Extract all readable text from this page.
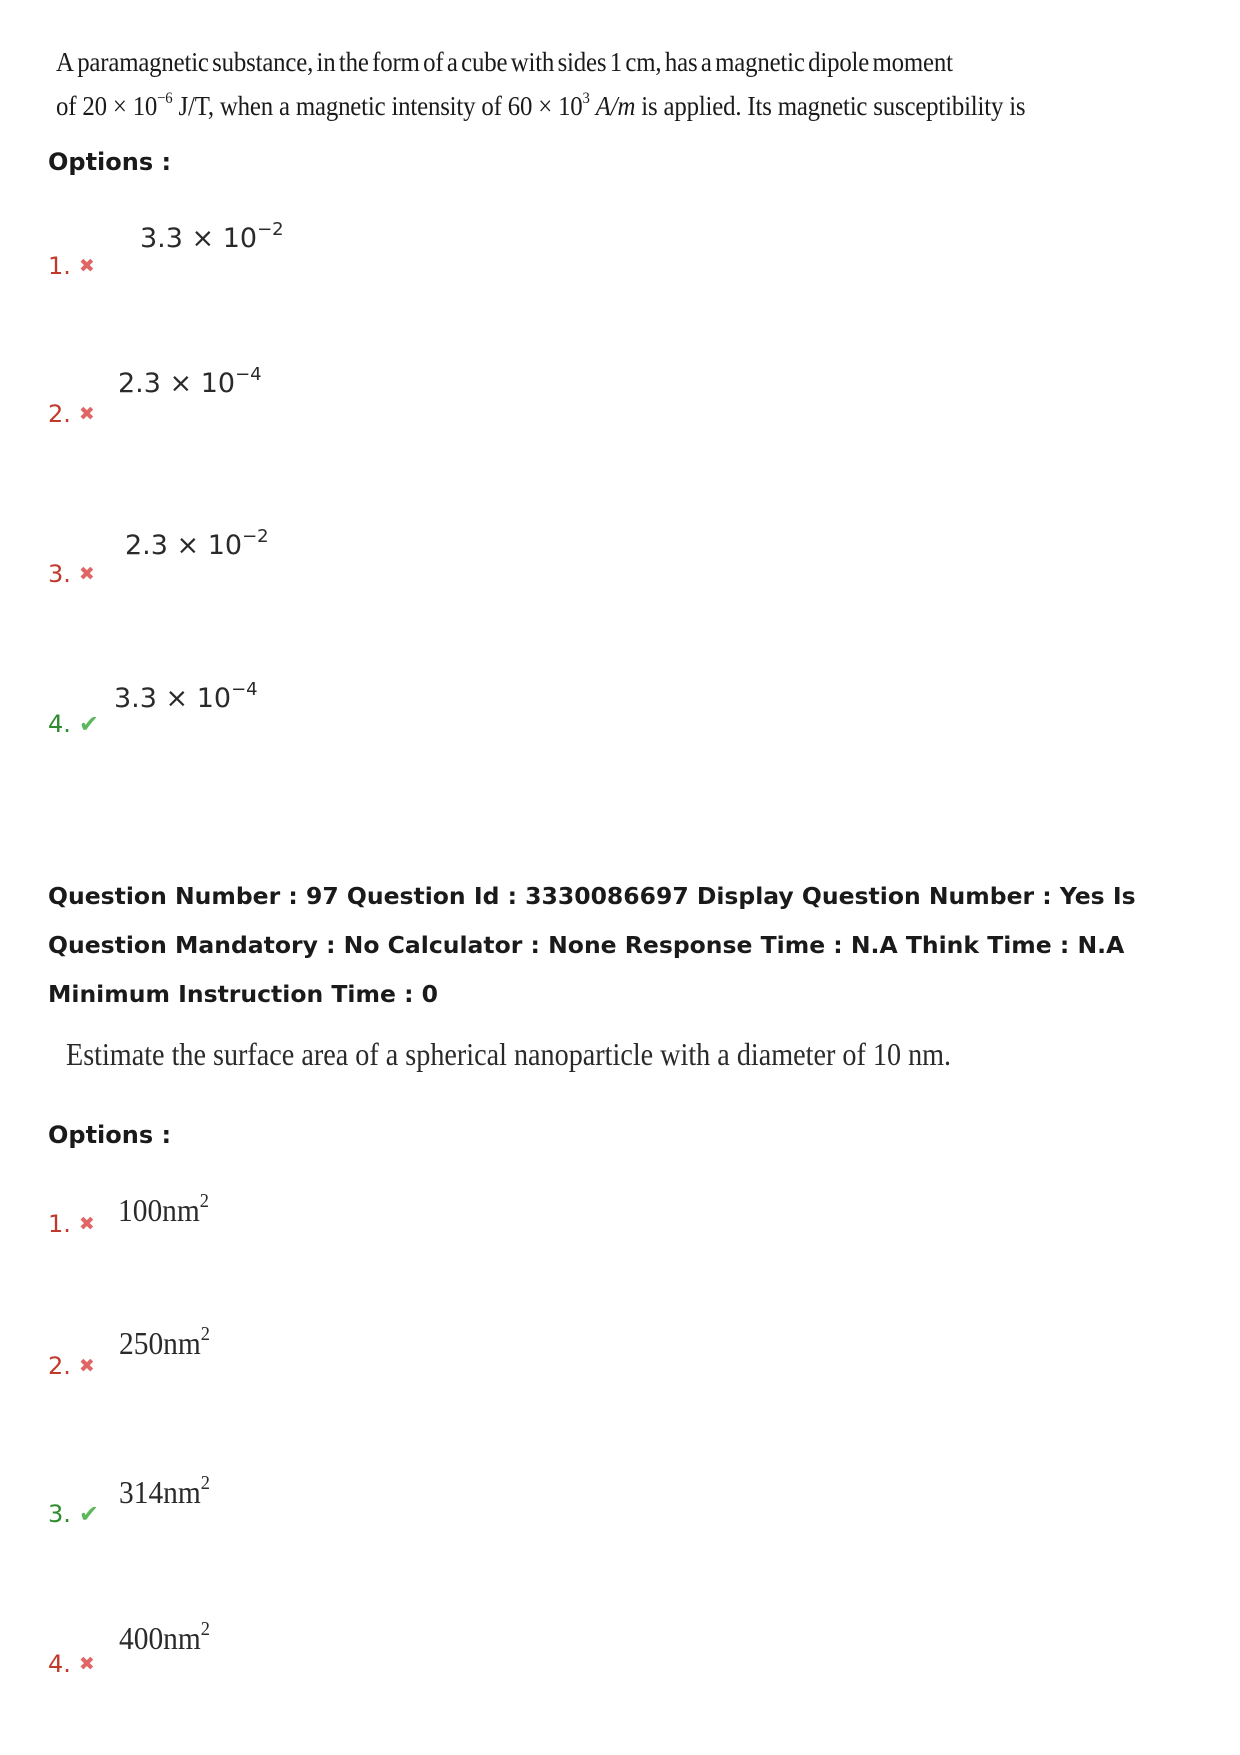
A paramagnetic substance, in the form of a cube with sides 1 cm, has a magnetic dipole moment
of $20 \times 10^{-6}$ J/T, when a magnetic intensity of $60 \times 10^3$ A/m is applied. Its magnetic susceptibility is
Options :
1. ✖
$3.3 \times 10^{-2}$
2. ✖
$2.3 \times 10^{-4}$
3. ✖
$2.3 \times 10^{-2}$
4. ✔
$3.3 \times 10^{-4}$
Question Number : 97 Question Id : 3330086697 Display Question Number : Yes Is Question Mandatory : No Calculator : None Response Time : N.A Think Time : N.A Minimum Instruction Time : 0
Estimate the surface area of a spherical nanoparticle with a diameter of 10 nm.
Options :
1. ✖ $100nm^2$
2. ✖
$250nm^2$
3. ✔
$314nm^2$
4. ✖
$400nm^2$
